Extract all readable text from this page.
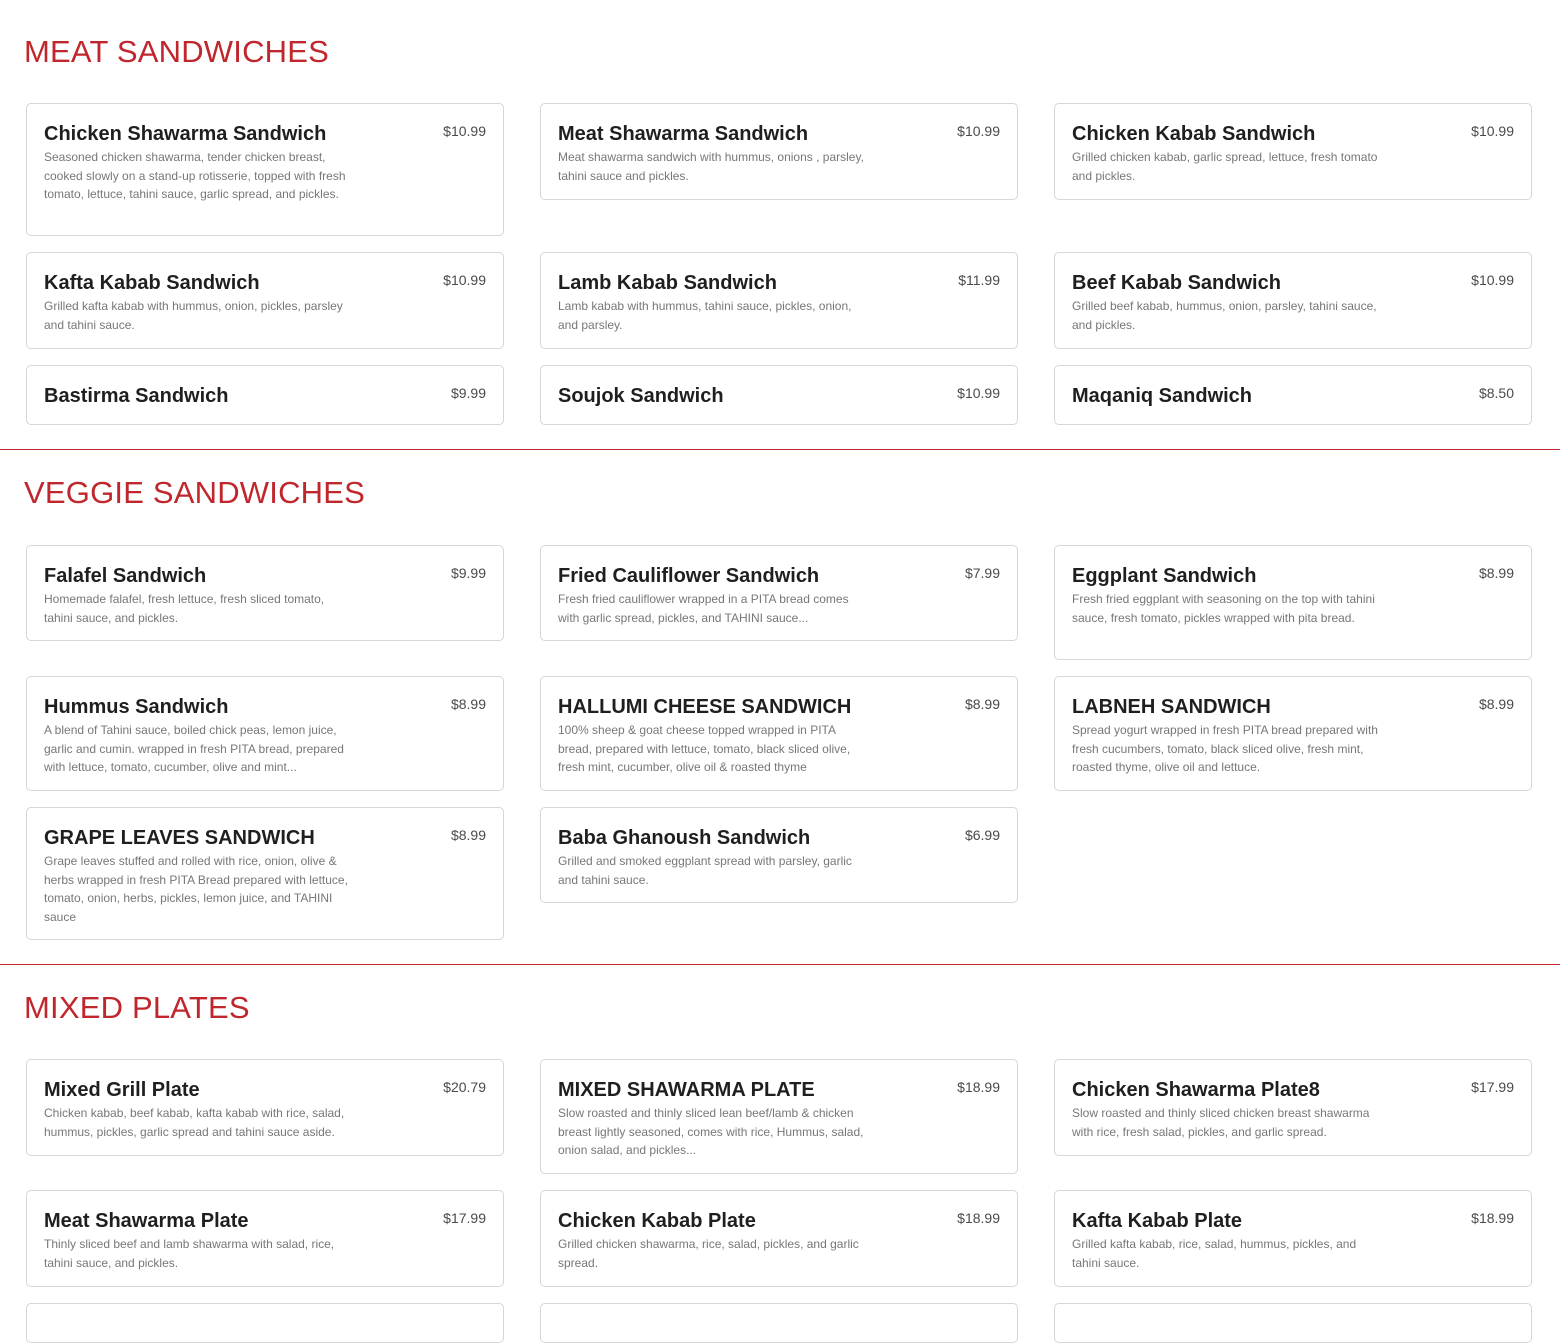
MEAT SANDWICHES
Chicken Shawarma Sandwich	$10.99
Seasoned chicken shawarma, tender chicken breast, cooked slowly on a stand-up rotisserie, topped with fresh tomato, lettuce, tahini sauce, garlic spread, and pickles.
Meat Shawarma Sandwich	$10.99
Meat shawarma sandwich with hummus, onions , parsley, tahini sauce and pickles.
Chicken Kabab Sandwich	$10.99
Grilled chicken kabab, garlic spread, lettuce, fresh tomato and pickles.
Kafta Kabab Sandwich	$10.99
Grilled kafta kabab with hummus, onion, pickles, parsley and tahini sauce.
Lamb Kabab Sandwich	$11.99
Lamb kabab with hummus, tahini sauce, pickles, onion, and parsley.
Beef Kabab Sandwich	$10.99
Grilled beef kabab, hummus, onion, parsley, tahini sauce, and pickles.
Bastirma Sandwich	$9.99	Soujok Sandwich	$10.99	Maqaniq Sandwich	$8.50
VEGGIE SANDWICHES
Falafel Sandwich	$9.99
Homemade falafel, fresh lettuce, fresh sliced tomato, tahini sauce, and pickles.
Fried Cauliflower Sandwich	$7.99
Fresh fried cauliflower wrapped in a PITA bread comes with garlic spread, pickles, and TAHINI sauce...
Eggplant Sandwich	$8.99
Fresh fried eggplant with seasoning on the top with tahini sauce, fresh tomato, pickles wrapped with pita bread.
Hummus Sandwich	$8.99
A blend of Tahini sauce, boiled chick peas, lemon juice, garlic and cumin. wrapped in fresh PITA bread, prepared with lettuce, tomato, cucumber, olive and mint...
HALLUMI CHEESE SANDWICH	$8.99
100% sheep & goat cheese topped wrapped in PITA bread, prepared with lettuce, tomato, black sliced olive, fresh mint, cucumber, olive oil & roasted thyme
LABNEH SANDWICH	$8.99
Spread yogurt wrapped in fresh PITA bread prepared with fresh cucumbers, tomato, black sliced olive, fresh mint, roasted thyme, olive oil and lettuce.
GRAPE LEAVES SANDWICH	$8.99
Grape leaves stuffed and rolled with rice, onion, olive & herbs wrapped in fresh PITA Bread prepared with lettuce, tomato, onion, herbs, pickles, lemon juice, and TAHINI sauce
Baba Ghanoush Sandwich	$6.99
Grilled and smoked eggplant spread with parsley, garlic and tahini sauce.
MIXED PLATES
Mixed Grill Plate	$20.79
Chicken kabab, beef kabab, kafta kabab with rice, salad, hummus, pickles, garlic spread and tahini sauce aside.
MIXED SHAWARMA PLATE	$18.99
Slow roasted and thinly sliced lean beef/lamb & chicken breast lightly seasoned, comes with rice, Hummus, salad, onion salad, and pickles...
Chicken Shawarma Plate8	$17.99
Slow roasted and thinly sliced chicken breast shawarma with rice, fresh salad, pickles, and garlic spread.
Meat Shawarma Plate	$17.99
Thinly sliced beef and lamb shawarma with salad, rice, tahini sauce, and pickles.
Chicken Kabab Plate	$18.99
Grilled chicken shawarma, rice, salad, pickles, and garlic spread.
Kafta Kabab Plate	$18.99
Grilled kafta kabab, rice, salad, hummus, pickles, and tahini sauce.
